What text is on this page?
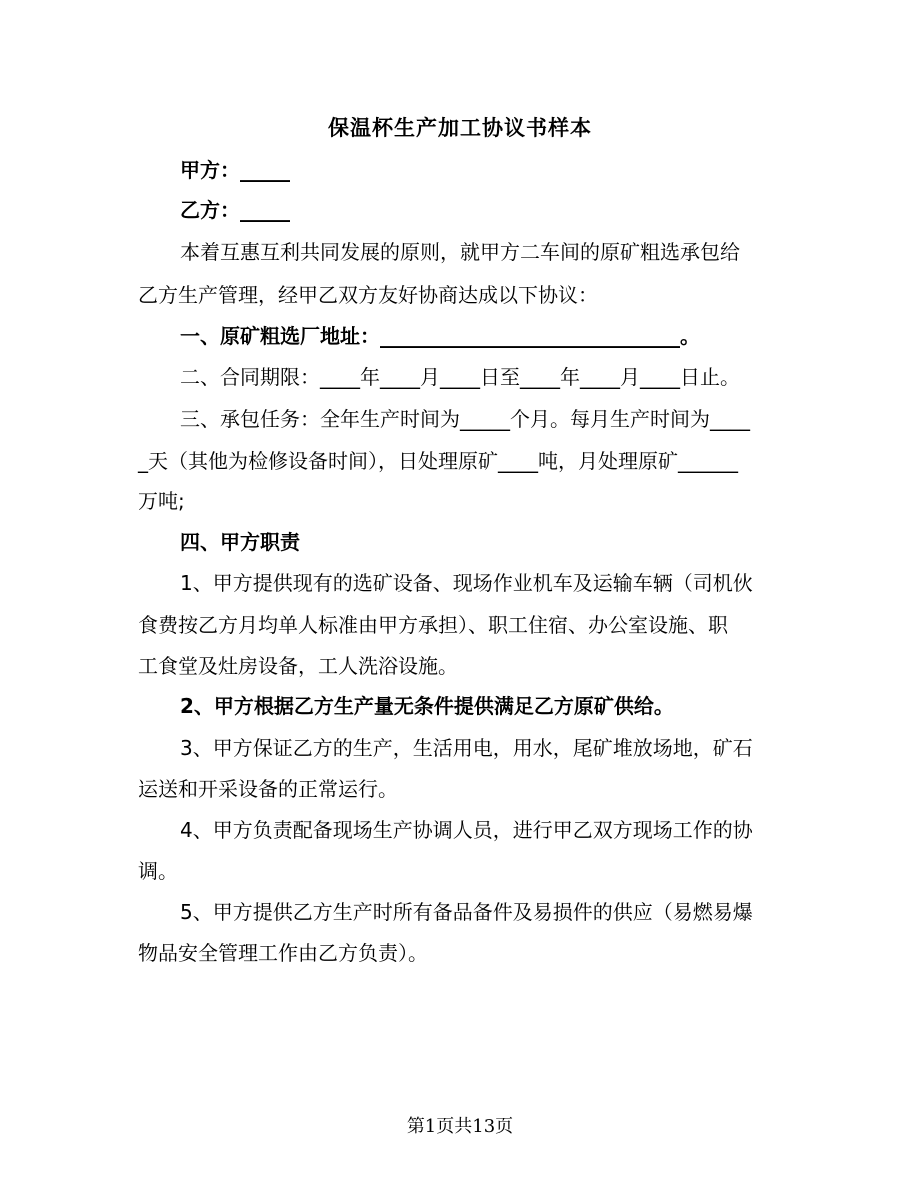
保温杯生产加工协议书样本
甲方：_____
乙方：_____
本着互惠互利共同发展的原则，就甲方二车间的原矿粗选承包给
乙方生产管理，经甲乙双方友好协商达成以下协议：
一、原矿粗选厂地址：______________________________。
二、合同期限：____年____月____日至____年____月____日止。
三、承包任务：全年生产时间为_____个月。每月生产时间为____
_天（其他为检修设备时间），日处理原矿____吨，月处理原矿______
万吨;
四、甲方职责
1、甲方提供现有的选矿设备、现场作业机车及运输车辆（司机伙
食费按乙方月均单人标准由甲方承担）、职工住宿、办公室设施、职
工食堂及灶房设备，工人洗浴设施。
2、甲方根据乙方生产量无条件提供满足乙方原矿供给。
3、甲方保证乙方的生产，生活用电，用水，尾矿堆放场地，矿石
运送和开采设备的正常运行。
4、甲方负责配备现场生产协调人员，进行甲乙双方现场工作的协
调。
5、甲方提供乙方生产时所有备品备件及易损件的供应（易燃易爆
物品安全管理工作由乙方负责）。
第1页共13页
